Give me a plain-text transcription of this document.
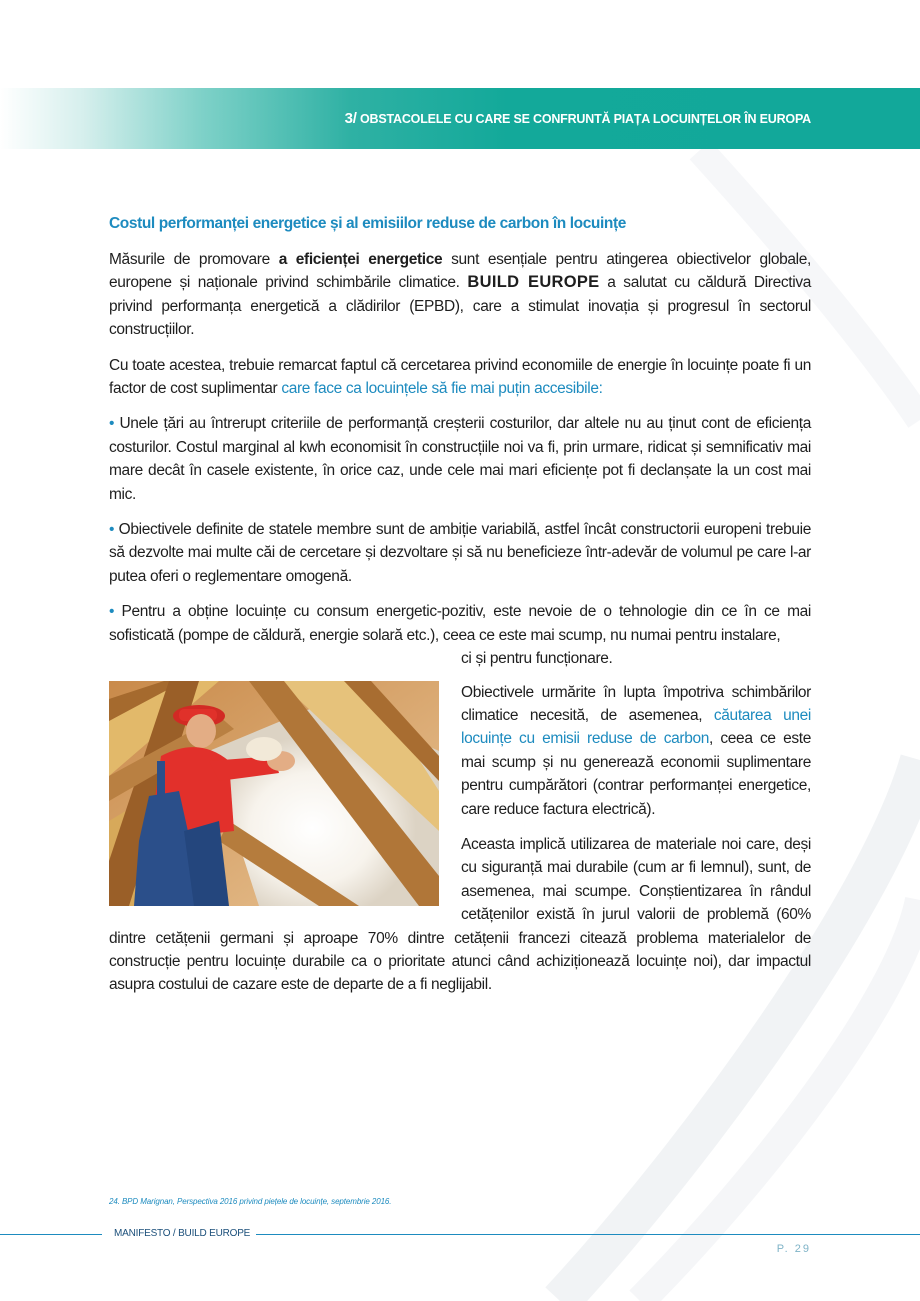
3/ OBSTACOLELE CU CARE SE CONFRUNTĂ PIAȚA LOCUINȚELOR ÎN EUROPA
Costul performanței energetice și al emisiilor reduse de carbon în locuințe

Măsurile de promovare a eficienței energetice sunt esențiale pentru atingerea obiectivelor globale, europene și naționale privind schimbările climatice. BUILD EUROPE a salutat cu căldură Directiva privind performanța energetică a clădirilor (EPBD), care a stimulat inovația și progresul în sectorul construcțiilor.

Cu toate acestea, trebuie remarcat faptul că cercetarea privind economiile de energie în locuințe poate fi un factor de cost suplimentar care face ca locuințele să fie mai puțin accesibile:

• Unele țări au întrerupt criteriile de performanță creșterii costurilor, dar altele nu au ținut cont de eficiența costurilor. Costul marginal al kwh economisit în construcțiile noi va fi, prin urmare, ridicat și semnificativ mai mare decât în casele existente, în orice caz, unde cele mai mari eficiențe pot fi declanșate la un cost mai mic.

• Obiectivele definite de statele membre sunt de ambiție variabilă, astfel încât constructorii europeni trebuie să dezvolte mai multe căi de cercetare și dezvoltare și să nu beneficieze într-adevăr de volumul pe care l-ar putea oferi o reglementare omogenă.

• Pentru a obține locuințe cu consum energetic-pozitiv, este nevoie de o tehnologie din ce în ce mai sofisticată (pompe de căldură, energie solară etc.), ceea ce este mai scump, nu numai pentru instalare,

ci și pentru funcționare.

Obiectivele urmărite în lupta împotriva schimbărilor climatice necesită, de asemenea, căutarea unei locuințe cu emisii reduse de carbon, ceea ce este mai scump și nu generează economii suplimentare pentru cumpărători (contrar performanței energetice, care reduce factura electrică).

Aceasta implică utilizarea de materiale noi care, deși cu siguranță mai durabile (cum ar fi lemnul), sunt, de asemenea, mai scumpe. Conștientizarea în rândul cetățenilor există în jurul valorii de problemă (60% dintre cetățenii germani și aproape 70% dintre cetățenii francezi citează problema materialelor de construcție pentru locuințe durabile ca o prioritate atunci când achiziționează locuințe noi), dar impactul asupra costului de cazare este de departe de a fi neglijabil.

24. BPD Marignan, Perspectiva 2016 privind piețele de locuințe, septembrie 2016.
MANIFESTO / BUILD EUROPE
P. 29
